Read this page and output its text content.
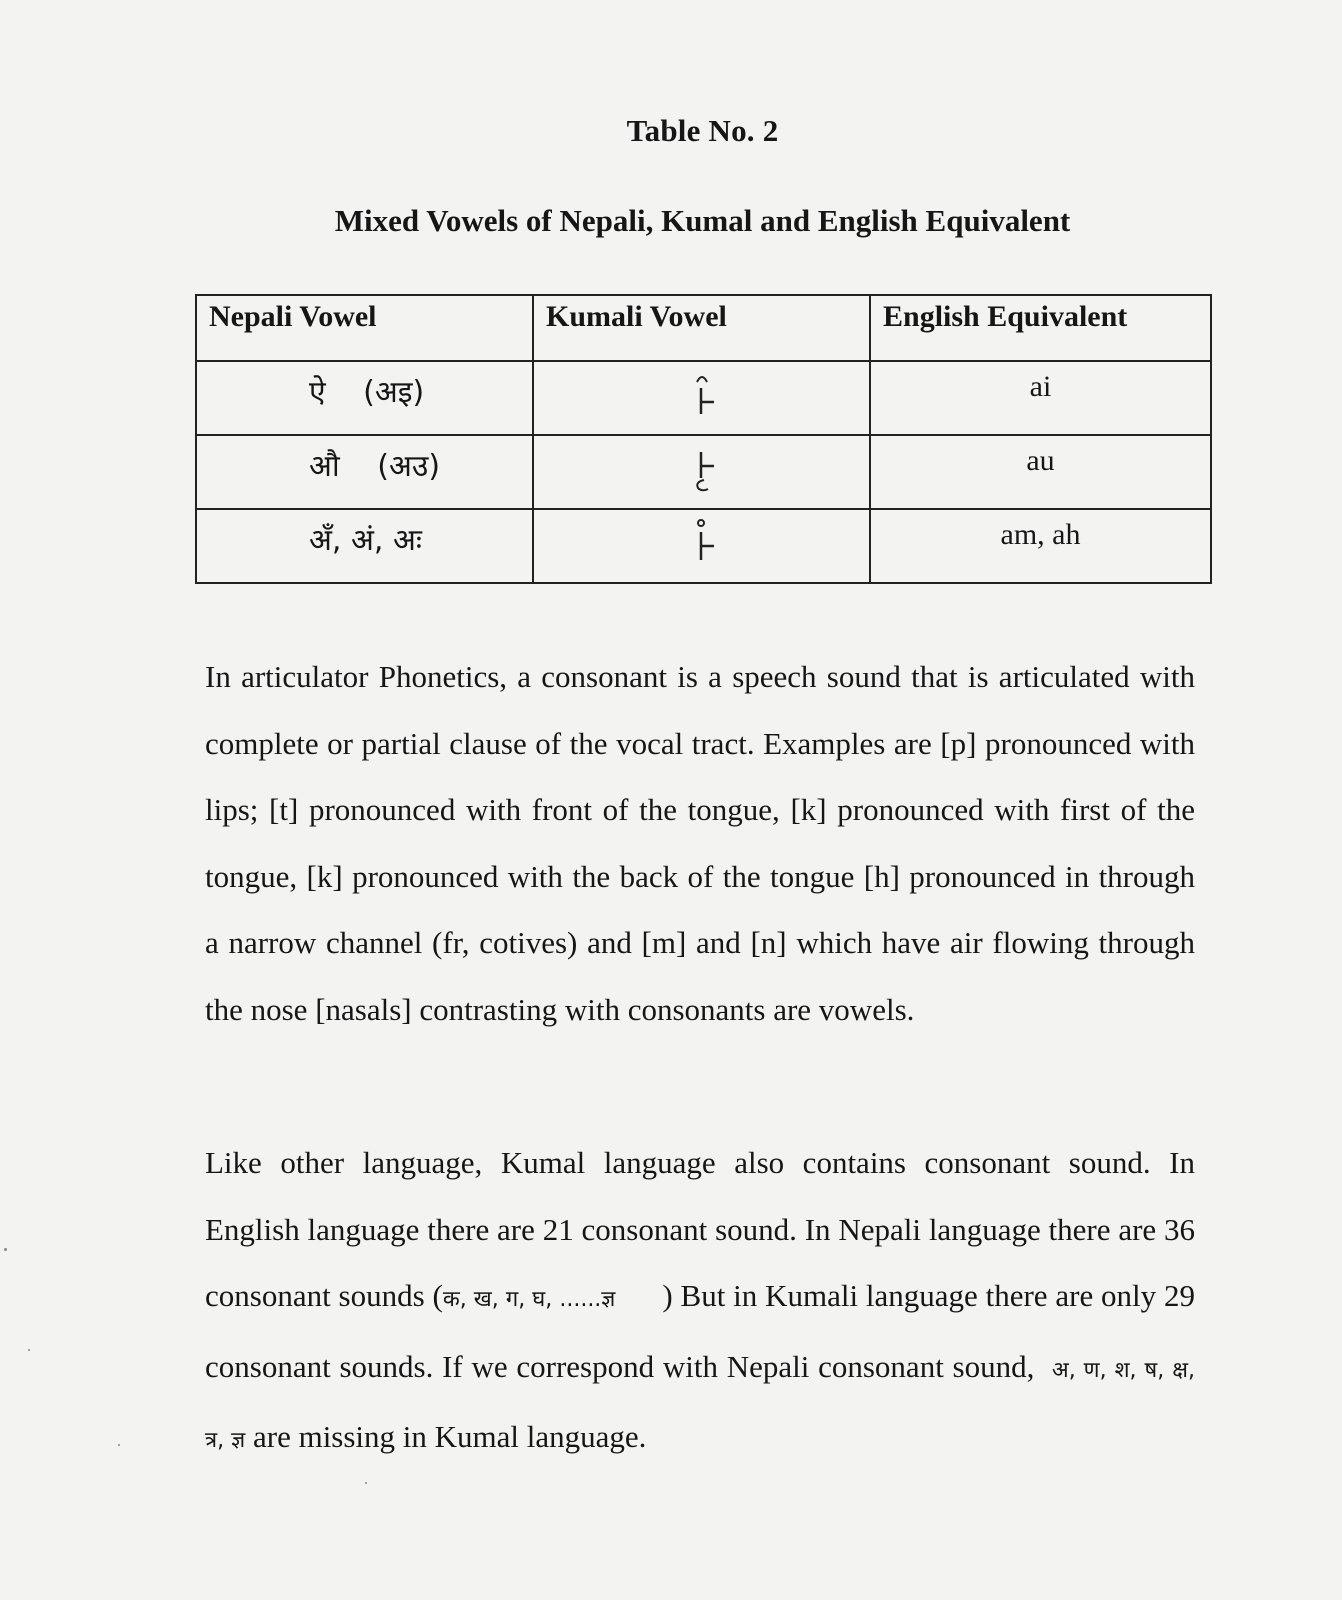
Table No. 2
Mixed Vowels of Nepali, Kumal and English Equivalent
Nepali Vowel	Kumali Vowel	English Equivalent
ऐ (अइ)		ai
औ (अउ)		au
अँ, अं, अः		am, ah
In articulator Phonetics, a consonant is a speech sound that is articulated with complete or partial clause of the vocal tract. Examples are [p] pronounced with lips; [t] pronounced with front of the tongue, [k] pronounced with first of the tongue, [k] pronounced with the back of the tongue [h] pronounced in through a narrow channel (fr, cotives) and [m] and [n] which have air flowing through the nose [nasals] contrasting with consonants are vowels.
Like other language, Kumal language also contains consonant sound. In English language there are 21 consonant sound. In Nepali language there are 36 consonant sounds (क, ख, ग, घ, ......ज्ञ ) But in Kumali language there are only 29 consonant sounds. If we correspond with Nepali consonant sound, अ, ण, श, ष, क्ष, त्र, ज्ञ are missing in Kumal language.
